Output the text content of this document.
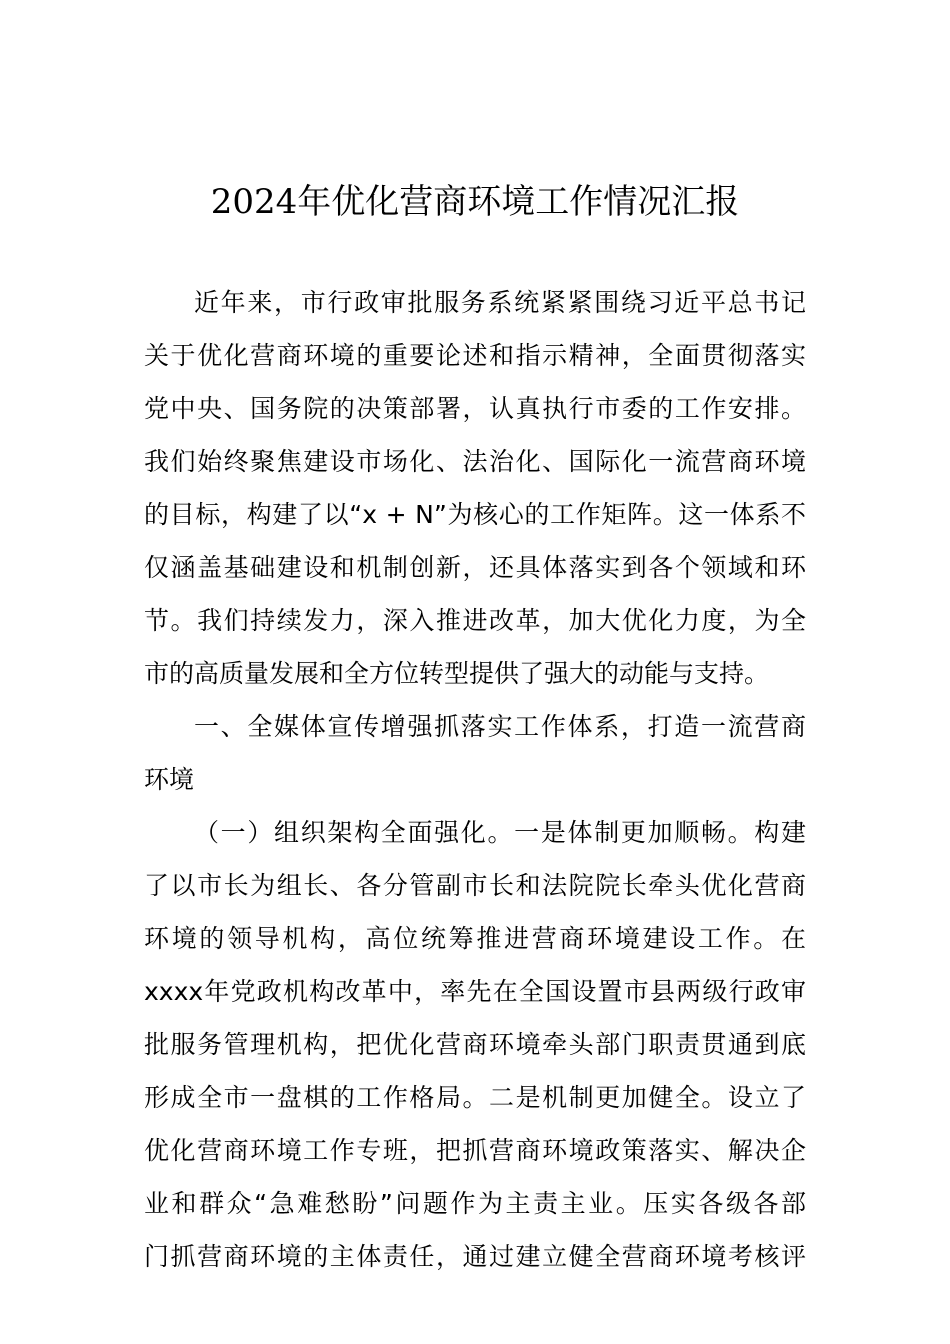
2024年优化营商环境工作情况汇报
近年来，市行政审批服务系统紧紧围绕习近平总书记
关于优化营商环境的重要论述和指示精神，全面贯彻落实
党中央、国务院的决策部署，认真执行市委的工作安排。
我们始终聚焦建设市场化、法治化、国际化一流营商环境
的目标，构建了以“x + N”为核心的工作矩阵。这一体系不
仅涵盖基础建设和机制创新，还具体落实到各个领域和环
节。我们持续发力，深入推进改革，加大优化力度，为全
市的高质量发展和全方位转型提供了强大的动能与支持。
一、全媒体宣传增强抓落实工作体系，打造一流营商
环境
（一）组织架构全面强化。一是体制更加顺畅。构建
了以市长为组长、各分管副市长和法院院长牵头优化营商
环境的领导机构，高位统筹推进营商环境建设工作。在
xxxx年党政机构改革中，率先在全国设置市县两级行政审
批服务管理机构，把优化营商环境牵头部门职责贯通到底
形成全市一盘棋的工作格局。二是机制更加健全。设立了
优化营商环境工作专班，把抓营商环境政策落实、解决企
业和群众“急难愁盼”问题作为主责主业。压实各级各部
门抓营商环境的主体责任，通过建立健全营商环境考核评
